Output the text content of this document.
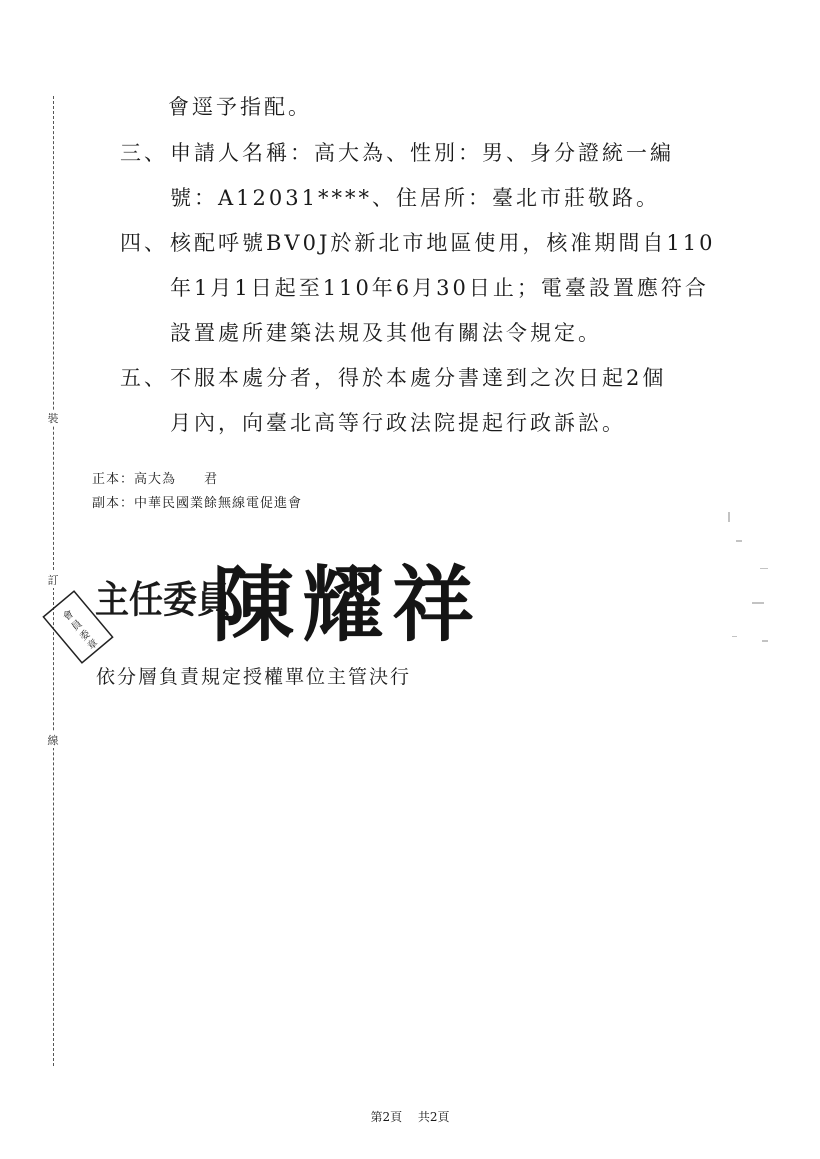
裝
訂
線
會逕予指配。
三、 申請人名稱：高大為、性別：男、身分證統一編
號：A12031****、住居所：臺北市莊敬路。
四、 核配呼號BV0J於新北市地區使用，核准期間自110
年1月1日起至110年6月30日止；電臺設置應符合
設置處所建築法規及其他有關法令規定。
五、 不服本處分者，得於本處分書達到之次日起2個
月內，向臺北高等行政法院提起行政訴訟。
正本：高大為 君
副本：中華民國業餘無線電促進會
主任委員
陳耀祥
會
員
委
章
依分層負責規定授權單位主管決行
第2頁 共2頁
